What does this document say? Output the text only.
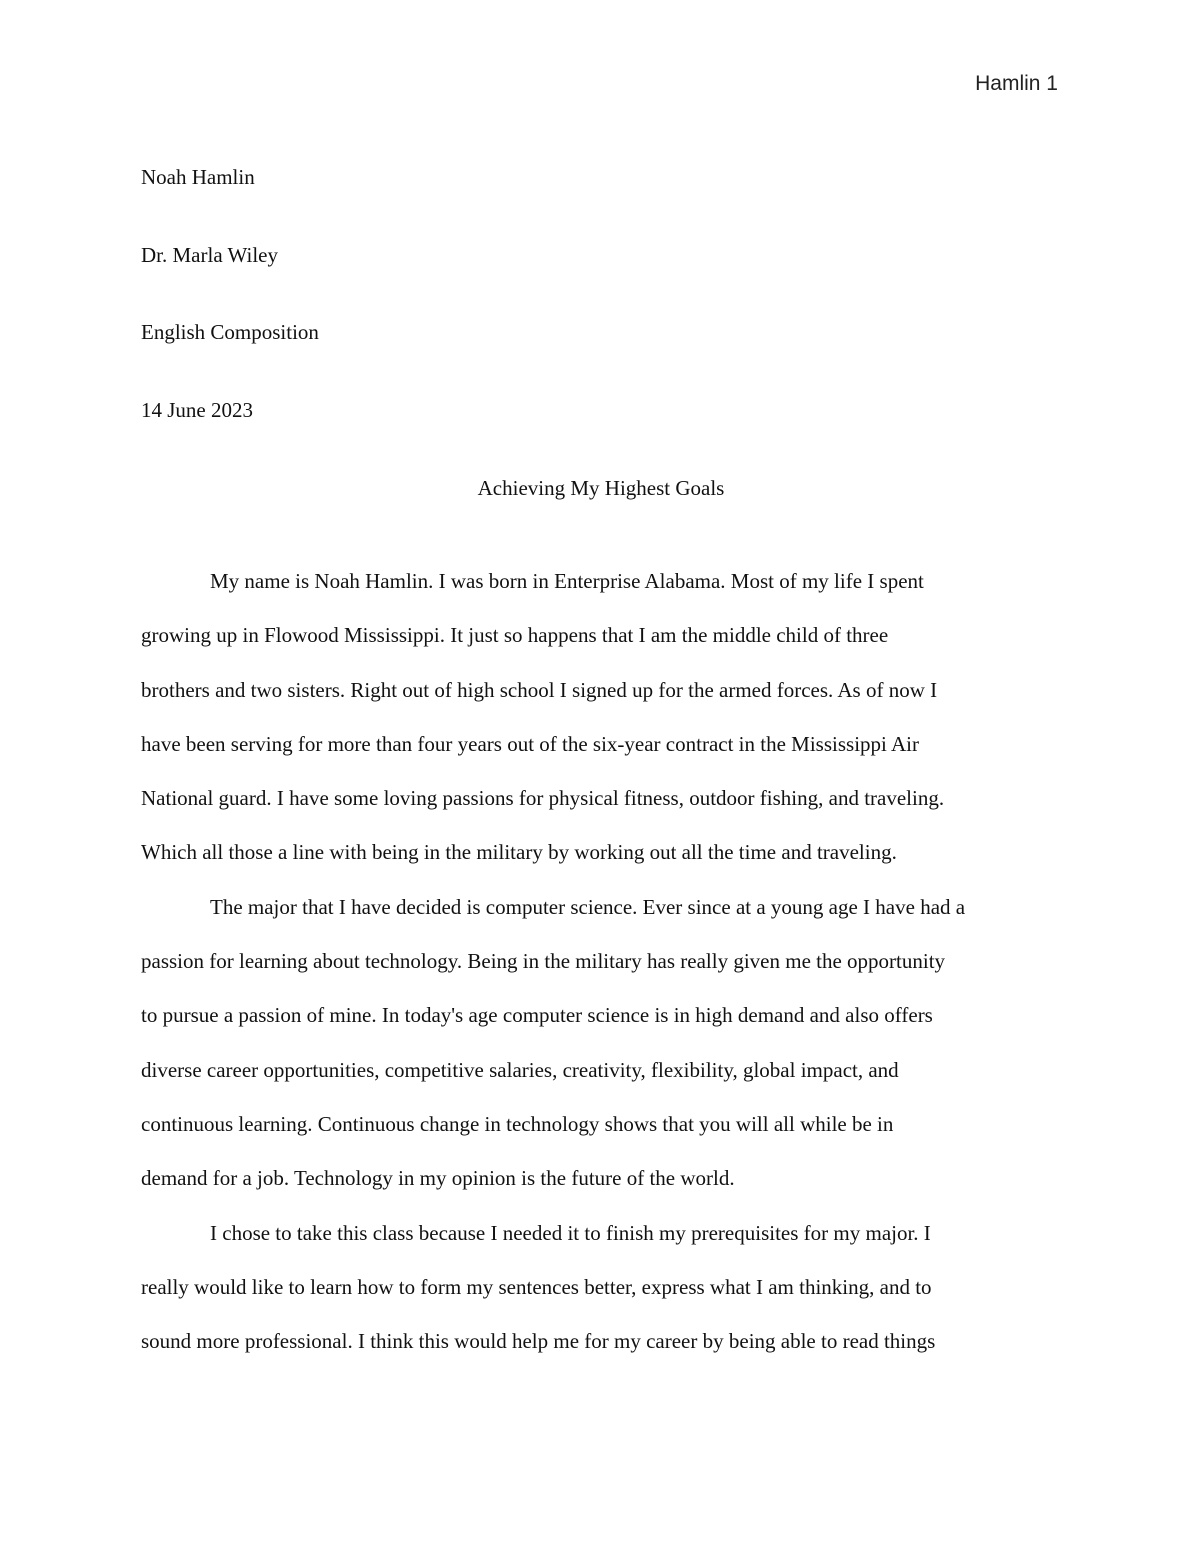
Hamlin 1
Noah Hamlin
Dr. Marla Wiley
English Composition
14 June 2023
Achieving My Highest Goals

My name is Noah Hamlin. I was born in Enterprise Alabama. Most of my life I spent
growing up in Flowood Mississippi. It just so happens that I am the middle child of three
brothers and two sisters. Right out of high school I signed up for the armed forces. As of now I
have been serving for more than four years out of the six-year contract in the Mississippi Air
National guard. I have some loving passions for physical fitness, outdoor fishing, and traveling.
Which all those a line with being in the military by working out all the time and traveling.

The major that I have decided is computer science. Ever since at a young age I have had a
passion for learning about technology. Being in the military has really given me the opportunity
to pursue a passion of mine. In today's age computer science is in high demand and also offers
diverse career opportunities, competitive salaries, creativity, flexibility, global impact, and
continuous learning. Continuous change in technology shows that you will all while be in
demand for a job. Technology in my opinion is the future of the world.

I chose to take this class because I needed it to finish my prerequisites for my major. I
really would like to learn how to form my sentences better, express what I am thinking, and to
sound more professional. I think this would help me for my career by being able to read things
